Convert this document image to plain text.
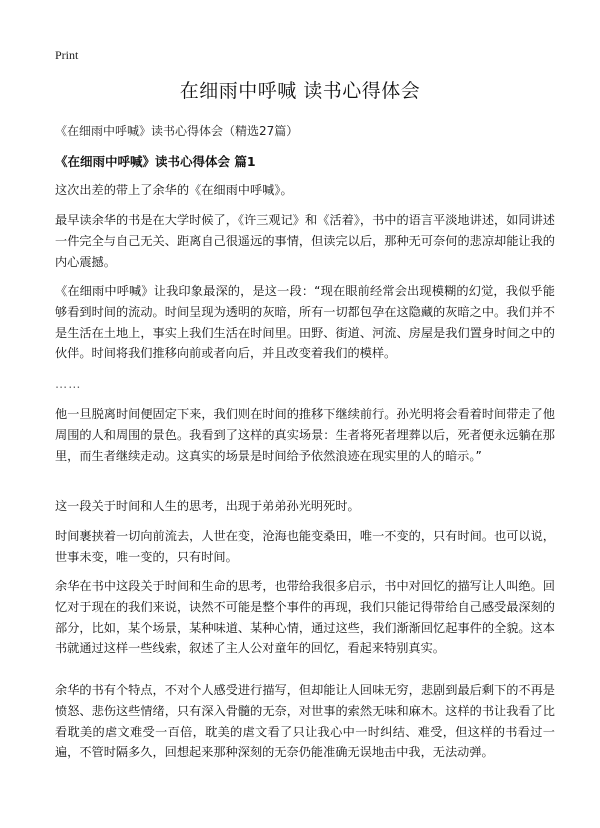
Print
在细雨中呼喊 读书心得体会
《在细雨中呼喊》读书心得体会（精选27篇）
《在细雨中呼喊》读书心得体会 篇1

这次出差的带上了余华的《在细雨中呼喊》。

最早读余华的书是在大学时候了，《许三观记》和《活着》，书中的语言平淡地讲述，如同讲述一件完全与自己无关、距离自己很遥远的事情，但读完以后，那种无可奈何的悲凉却能让我的内心震撼。

《在细雨中呼喊》让我印象最深的，是这一段：“现在眼前经常会出现模糊的幻觉，我似乎能够看到时间的流动。时间呈现为透明的灰暗，所有一切都包孕在这隐藏的灰暗之中。我们并不是生活在土地上，事实上我们生活在时间里。田野、街道、河流、房屋是我们置身时间之中的伙伴。时间将我们推移向前或者向后，并且改变着我们的模样。

……

他一旦脱离时间便固定下来，我们则在时间的推移下继续前行。孙光明将会看着时间带走了他周围的人和周围的景色。我看到了这样的真实场景：生者将死者埋葬以后，死者便永远躺在那里，而生者继续走动。这真实的场景是时间给予依然浪迹在现实里的人的暗示。”

这一段关于时间和人生的思考，出现于弟弟孙光明死时。

时间裹挟着一切向前流去，人世在变，沧海也能变桑田，唯一不变的，只有时间。也可以说，世事未变，唯一变的，只有时间。

余华在书中这段关于时间和生命的思考，也带给我很多启示，书中对回忆的描写让人叫绝。回忆对于现在的我们来说，诀然不可能是整个事件的再现，我们只能记得带给自己感受最深刻的部分，比如，某个场景，某种味道、某种心情，通过这些，我们渐渐回忆起事件的全貌。这本书就通过这样一些线索，叙述了主人公对童年的回忆，看起来特别真实。

余华的书有个特点，不对个人感受进行描写，但却能让人回味无穷，悲剧到最后剩下的不再是愤怒、悲伤这些情绪，只有深入骨髓的无奈，对世事的索然无味和麻木。这样的书让我看了比看耽美的虐文难受一百倍，耽美的虐文看了只让我心中一时纠结、难受，但这样的书看过一遍，不管时隔多久，回想起来那种深刻的无奈仍能准确无误地击中我，无法动弹。
